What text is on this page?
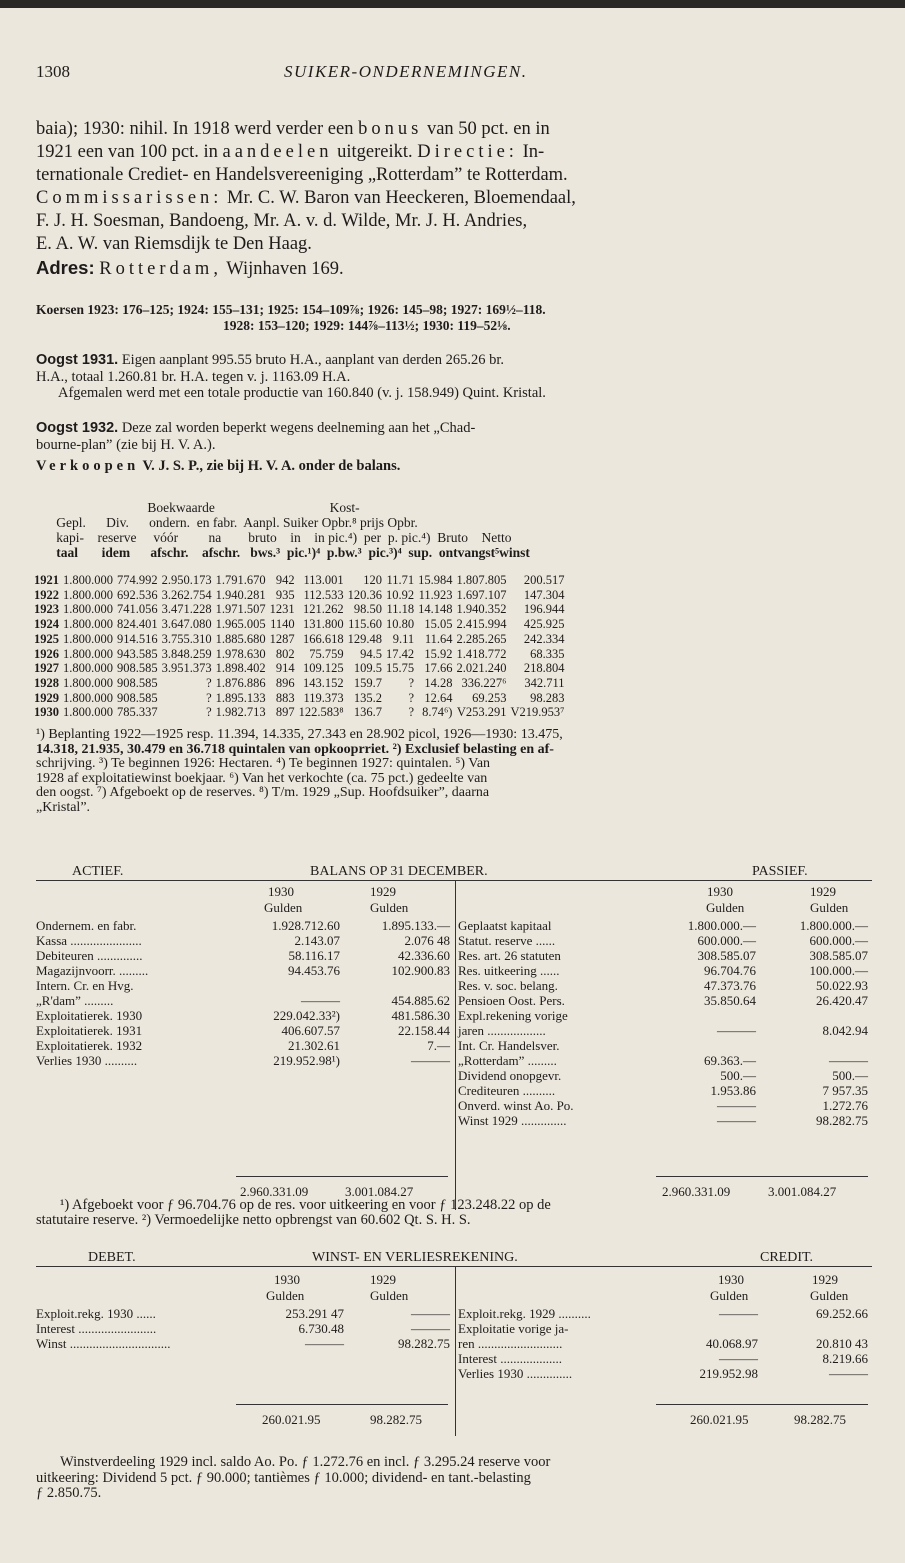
1308	SUIKER-ONDERNEMINGEN.

baia); 1930: nihil. In 1918 werd verder een bonus van 50 pct. en in

1921 een van 100 pct. in aandeelen uitgereikt. Directie: In-

ternationale Crediet- en Handelsvereeniging „Rotterdam” te Rotterdam.

Commissarissen: Mr. C. W. Baron van Heeckeren, Bloemendaal,

F. J. H. Soesman, Bandoeng, Mr. A. v. d. Wilde, Mr. J. H. Andries,

E. A. W. van Riemsdijk te Den Haag.

Adres: Rotterdam, Wijnhaven 169.

Koersen 1923: 176–125; 1924: 155–131; 1925: 154–109⅞; 1926: 145–98; 1927: 169½–118.

1928: 153–120; 1929: 144⅞–113½; 1930: 119–52⅛.

Oogst 1931. Eigen aanplant 995.55 bruto H.A., aanplant van derden 265.26 br.

H.A., totaal 1.260.81 br. H.A. tegen v. j. 1163.09 H.A.

Afgemalen werd met een totale productie van 160.840 (v. j. 158.949) Quint. Kristal.

Oogst 1932. Deze zal worden beperkt wegens deelneming aan het „Chad-

bourne-plan” (zie bij H. V. A.).

Verkoopen V. J. S. P., zie bij H. V. A. onder de balans.

Boekwaarde                                  Kost-
Gepl.      Div.      ondern.  en fabr.  Aanpl. Suiker Opbr.⁸ prijs Opbr.
kapi-    reserve     vóór         na        bruto    in    in pic.⁴)  per  p. pic.⁴)  Bruto    Netto
taal       idem      afschr.    afschr.   bws.³  pic.¹)⁴  p.bw.³  pic.³)⁴  sup.  ontvangst⁵winst
1921	1.800.000	774.992	2.950.173	1.791.670	942	113.001	120	11.71	15.984	1.807.805	200.517
1922	1.800.000	692.536	3.262.754	1.940.281	935	112.533	120.36	10.92	11.923	1.697.107	147.304
1923	1.800.000	741.056	3.471.228	1.971.507	1231	121.262	98.50	11.18	14.148	1.940.352	196.944
1924	1.800.000	824.401	3.647.080	1.965.005	1140	131.800	115.60	10.80	15.05	2.415.994	425.925
1925	1.800.000	914.516	3.755.310	1.885.680	1287	166.618	129.48	9.11	11.64	2.285.265	242.334
1926	1.800.000	943.585	3.848.259	1.978.630	802	75.759	94.5	17.42	15.92	1.418.772	68.335
1927	1.800.000	908.585	3.951.373	1.898.402	914	109.125	109.5	15.75	17.66	2.021.240	218.804
1928	1.800.000	908.585	?	1.876.886	896	143.152	159.7	?	14.28	336.227⁶	342.711
1929	1.800.000	908.585	?	1.895.133	883	119.373	135.2	?	12.64	69.253	98.283
1930	1.800.000	785.337	?	1.982.713	897	122.583⁸	136.7	?	8.74⁶)	V253.291	V219.953⁷

¹) Beplanting 1922—1925 resp. 11.394, 14.335, 27.343 en 28.902 picol, 1926—1930: 13.475,

14.318, 21.935, 30.479 en 36.718 quintalen van opkooprriet. ²) Exclusief belasting en af-

schrijving. ³) Te beginnen 1926: Hectaren. ⁴) Te beginnen 1927: quintalen. ⁵) Van

1928 af exploitatiewinst boekjaar. ⁶) Van het verkochte (ca. 75 pct.) gedeelte van

den oogst. ⁷) Afgeboekt op de reserves. ⁸) T/m. 1929 „Sup. Hoofdsuiker”, daarna

„Kristal”.

ACTIEF.	BALANS OP 31 DECEMBER.	PASSIEF.
1930	1929
Gulden	Gulden
1930	1929
Gulden	Gulden
Ondernem. en fabr.	1.928.712.60	1.895.133.—
Kassa ......................	2.143.07	2.076 48
Debiteuren ..............	58.116.17	42.336.60
Magazijnvoorr. .........	94.453.76	102.900.83
Intern. Cr. en Hvg.		
„R'dam” .........	———	454.885.62
Exploitatierek. 1930	229.042.33²)	481.586.30
Exploitatierek. 1931	406.607.57	22.158.44
Exploitatierek. 1932	21.302.61	7.—
Verlies 1930 ..........	219.952.98¹)	———
Geplaatst kapitaal	1.800.000.—	1.800.000.—
Statut. reserve ......	600.000.—	600.000.—
Res. art. 26 statuten	308.585.07	308.585.07
Res. uitkeering ......	96.704.76	100.000.—
Res. v. soc. belang.	47.373.76	50.022.93
Pensioen Oost. Pers.	35.850.64	26.420.47
Expl.rekening vorige		
jaren ..................	———	8.042.94
Int. Cr. Handelsver.		
„Rotterdam” .........	69.363.—	———
Dividend onopgevr.	500.—	500.—
Crediteuren ..........	1.953.86	7 957.35
Onverd. winst Ao. Po.	———	1.272.76
Winst 1929 ..............	———	98.282.75
2.960.331.09	3.001.084.27	2.960.331.09	3.001.084.27

¹) Afgeboekt voor ƒ 96.704.76 op de res. voor uitkeering en voor ƒ 123.248.22 op de

statutaire reserve. ²) Vermoedelijke netto opbrengst van 60.602 Qt. S. H. S.

DEBET.	WINST- EN VERLIESREKENING.	CREDIT.
1930	1929
Gulden	Gulden
1930	1929
Gulden	Gulden
Exploit.rekg. 1930 ......	253.291 47	———
Interest ........................	6.730.48	———
Winst ...............................	———	98.282.75
Exploit.rekg. 1929 ..........	———	69.252.66
Exploitatie vorige ja-		
ren ..........................	40.068.97	20.810 43
Interest ...................	———	8.219.66
Verlies 1930 ..............	219.952.98	———
260.021.95	98.282.75	260.021.95	98.282.75

Winstverdeeling 1929 incl. saldo Ao. Po. ƒ 1.272.76 en incl. ƒ 3.295.24 reserve voor

uitkeering: Dividend 5 pct. ƒ 90.000; tantièmes ƒ 10.000; dividend- en tant.-belasting

ƒ 2.850.75.
